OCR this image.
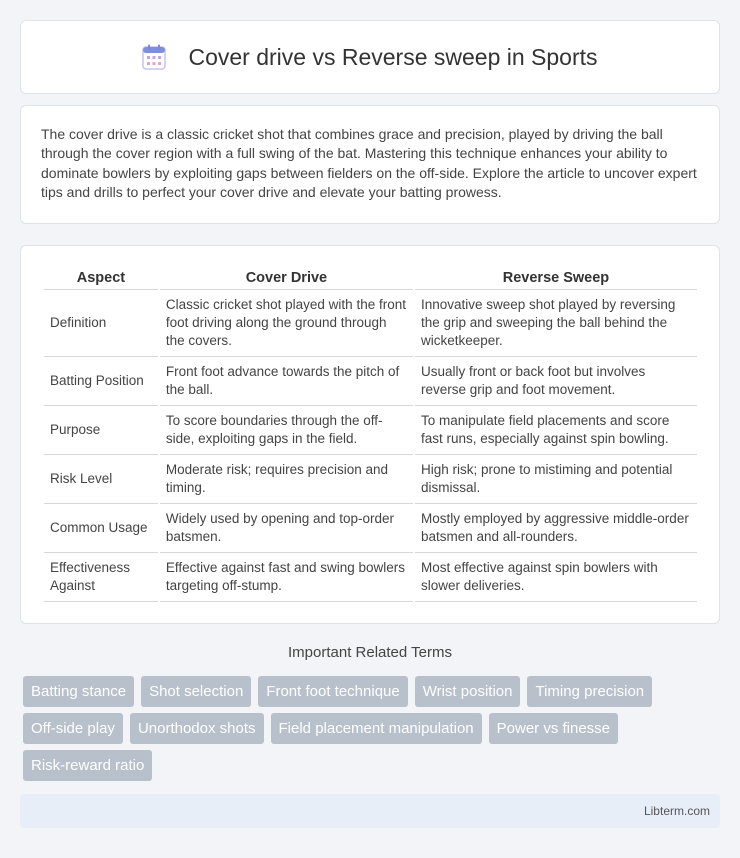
Cover drive vs Reverse sweep in Sports

The cover drive is a classic cricket shot that combines grace and precision, played by driving the ball through the cover region with a full swing of the bat. Mastering this technique enhances your ability to dominate bowlers by exploiting gaps between fielders on the off-side. Explore the article to uncover expert tips and drills to perfect your cover drive and elevate your batting prowess.

Aspect	Cover Drive	Reverse Sweep
Definition	Classic cricket shot played with the front foot driving along the ground through the covers.	Innovative sweep shot played by reversing the grip and sweeping the ball behind the wicketkeeper.
Batting Position	Front foot advance towards the pitch of the ball.	Usually front or back foot but involves reverse grip and foot movement.
Purpose	To score boundaries through the off-side, exploiting gaps in the field.	To manipulate field placements and score fast runs, especially against spin bowling.
Risk Level	Moderate risk; requires precision and timing.	High risk; prone to mistiming and potential dismissal.
Common Usage	Widely used by opening and top-order batsmen.	Mostly employed by aggressive middle-order batsmen and all-rounders.
Effectiveness Against	Effective against fast and swing bowlers targeting off-stump.	Most effective against spin bowlers with slower deliveries.
Important Related Terms
Batting stance	Shot selection	Front foot technique	Wrist position	Timing precision
Off-side play	Unorthodox shots	Field placement manipulation	Power vs finesse
Risk-reward ratio
Libterm.com
